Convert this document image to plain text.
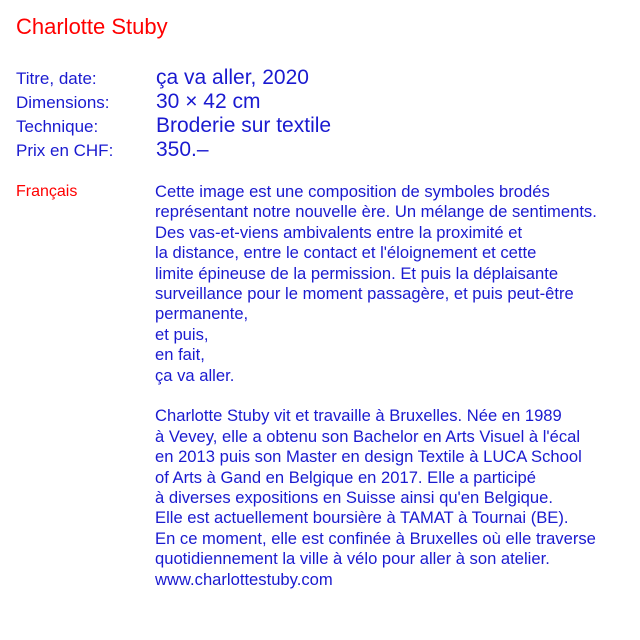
Charlotte Stuby
Titre, date:	ça va aller, 2020
Dimensions:	30 × 42 cm
Technique:	Broderie sur textile
Prix en CHF:	350.–
Français	Cette image est une composition de symboles brodés
représentant notre nouvelle ère. Un mélange de sentiments.
Des vas-et-viens ambivalents entre la proximité et
la distance, entre le contact et l'éloignement et cette
limite épineuse de la permission. Et puis la déplaisante
surveillance pour le moment passagère, et puis peut-être
permanente,
et puis,
en fait,
ça va aller.
Charlotte Stuby vit et travaille à Bruxelles. Née en 1989
à Vevey, elle a obtenu son Bachelor en Arts Visuel à l'écal
en 2013 puis son Master en design Textile à LUCA School
of Arts à Gand en Belgique en 2017. Elle a participé
à diverses expositions en Suisse ainsi qu'en Belgique.
Elle est actuellement boursière à TAMAT à Tournai (BE).
En ce moment, elle est confinée à Bruxelles où elle traverse
quotidiennement la ville à vélo pour aller à son atelier.
www.charlottestuby.com
